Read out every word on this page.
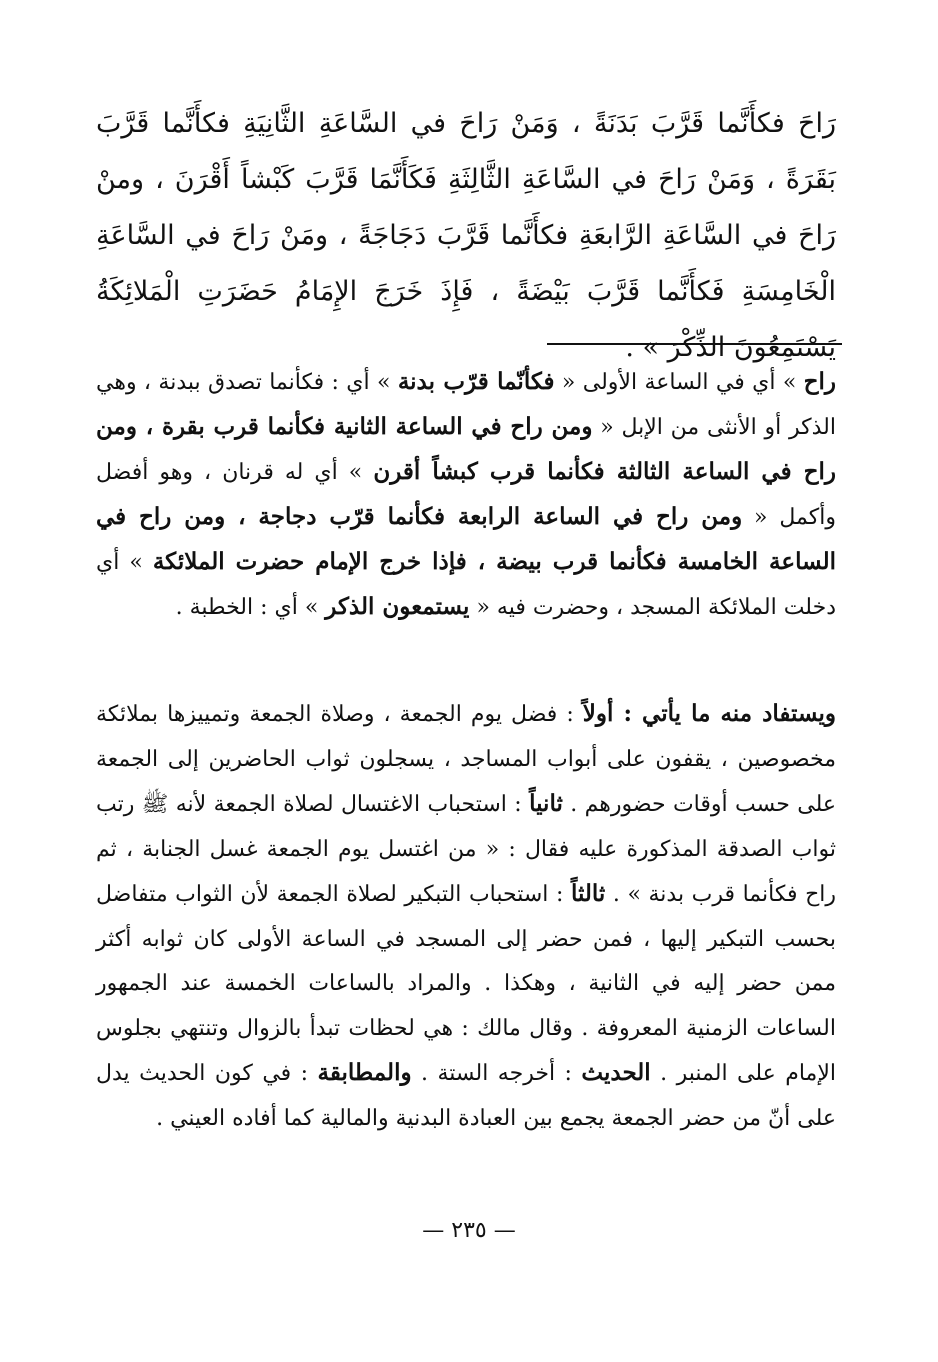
رَاحَ فكأَنَّما قَرَّبَ بَدَنَةً ، وَمَنْ رَاحَ في السَّاعَةِ الثَّانِيَةِ فكأَنَّما قَرَّبَ بَقَرَةً ، وَمَنْ رَاحَ في السَّاعَةِ الثَّالِثَةِ فَكَأَنَّمَا قَرَّبَ كَبْشاً أَقْرَنَ ، ومنْ رَاحَ في السَّاعَةِ الرَّابعَةِ فكأَنَّما قَرَّبَ دَجَاجَةً ، ومَنْ رَاحَ في السَّاعَةِ الْخَامِسَةِ فَكأَنَّما قَرَّبَ بَيْضَةً ، فَإِذَ خَرَجَ الإِمَامُ حَضَرَتِ الْمَلائِكَةُ يَسْتَمِعُونَ الذِّكْرَ » .

راح » أي في الساعة الأولى « فكأنّما قرّب بدنة » أي : فكأنما تصدق ببدنة ، وهي الذكر أو الأنثى من الإبل « ومن راح في الساعة الثانية فكأنما قرب بقرة ، ومن راح في الساعة الثالثة فكأنما قرب كبشاً أقرن » أي له قرنان ، وهو أفضل وأكمل « ومن راح في الساعة الرابعة فكأنما قرّب دجاجة ، ومن راح في الساعة الخامسة فكأنما قرب بيضة ، فإذا خرج الإمام حضرت الملائكة » أي دخلت الملائكة المسجد ، وحضرت فيه « يستمعون الذكر » أي : الخطبة .

ويستفاد منه ما يأتي : أولاً : فضل يوم الجمعة ، وصلاة الجمعة وتمييزها بملائكة مخصوصين ، يقفون على أبواب المساجد ، يسجلون ثواب الحاضرين إلى الجمعة على حسب أوقات حضورهم . ثانياً : استحباب الاغتسال لصلاة الجمعة لأنه ﷺ رتب ثواب الصدقة المذكورة عليه فقال : « من اغتسل يوم الجمعة غسل الجنابة ، ثم راح فكأنما قرب بدنة » . ثالثاً : استحباب التبكير لصلاة الجمعة لأن الثواب متفاضل بحسب التبكير إليها ، فمن حضر إلى المسجد في الساعة الأولى كان ثوابه أكثر ممن حضر إليه في الثانية ، وهكذا . والمراد بالساعات الخمسة عند الجمهور الساعات الزمنية المعروفة . وقال مالك : هي لحظات تبدأ بالزوال وتنتهي بجلوس الإمام على المنبر . الحديث : أخرجه الستة . والمطابقة : في كون الحديث يدل على أنّ من حضر الجمعة يجمع بين العبادة البدنية والمالية كما أفاده العيني .

— ٢٣٥ —
